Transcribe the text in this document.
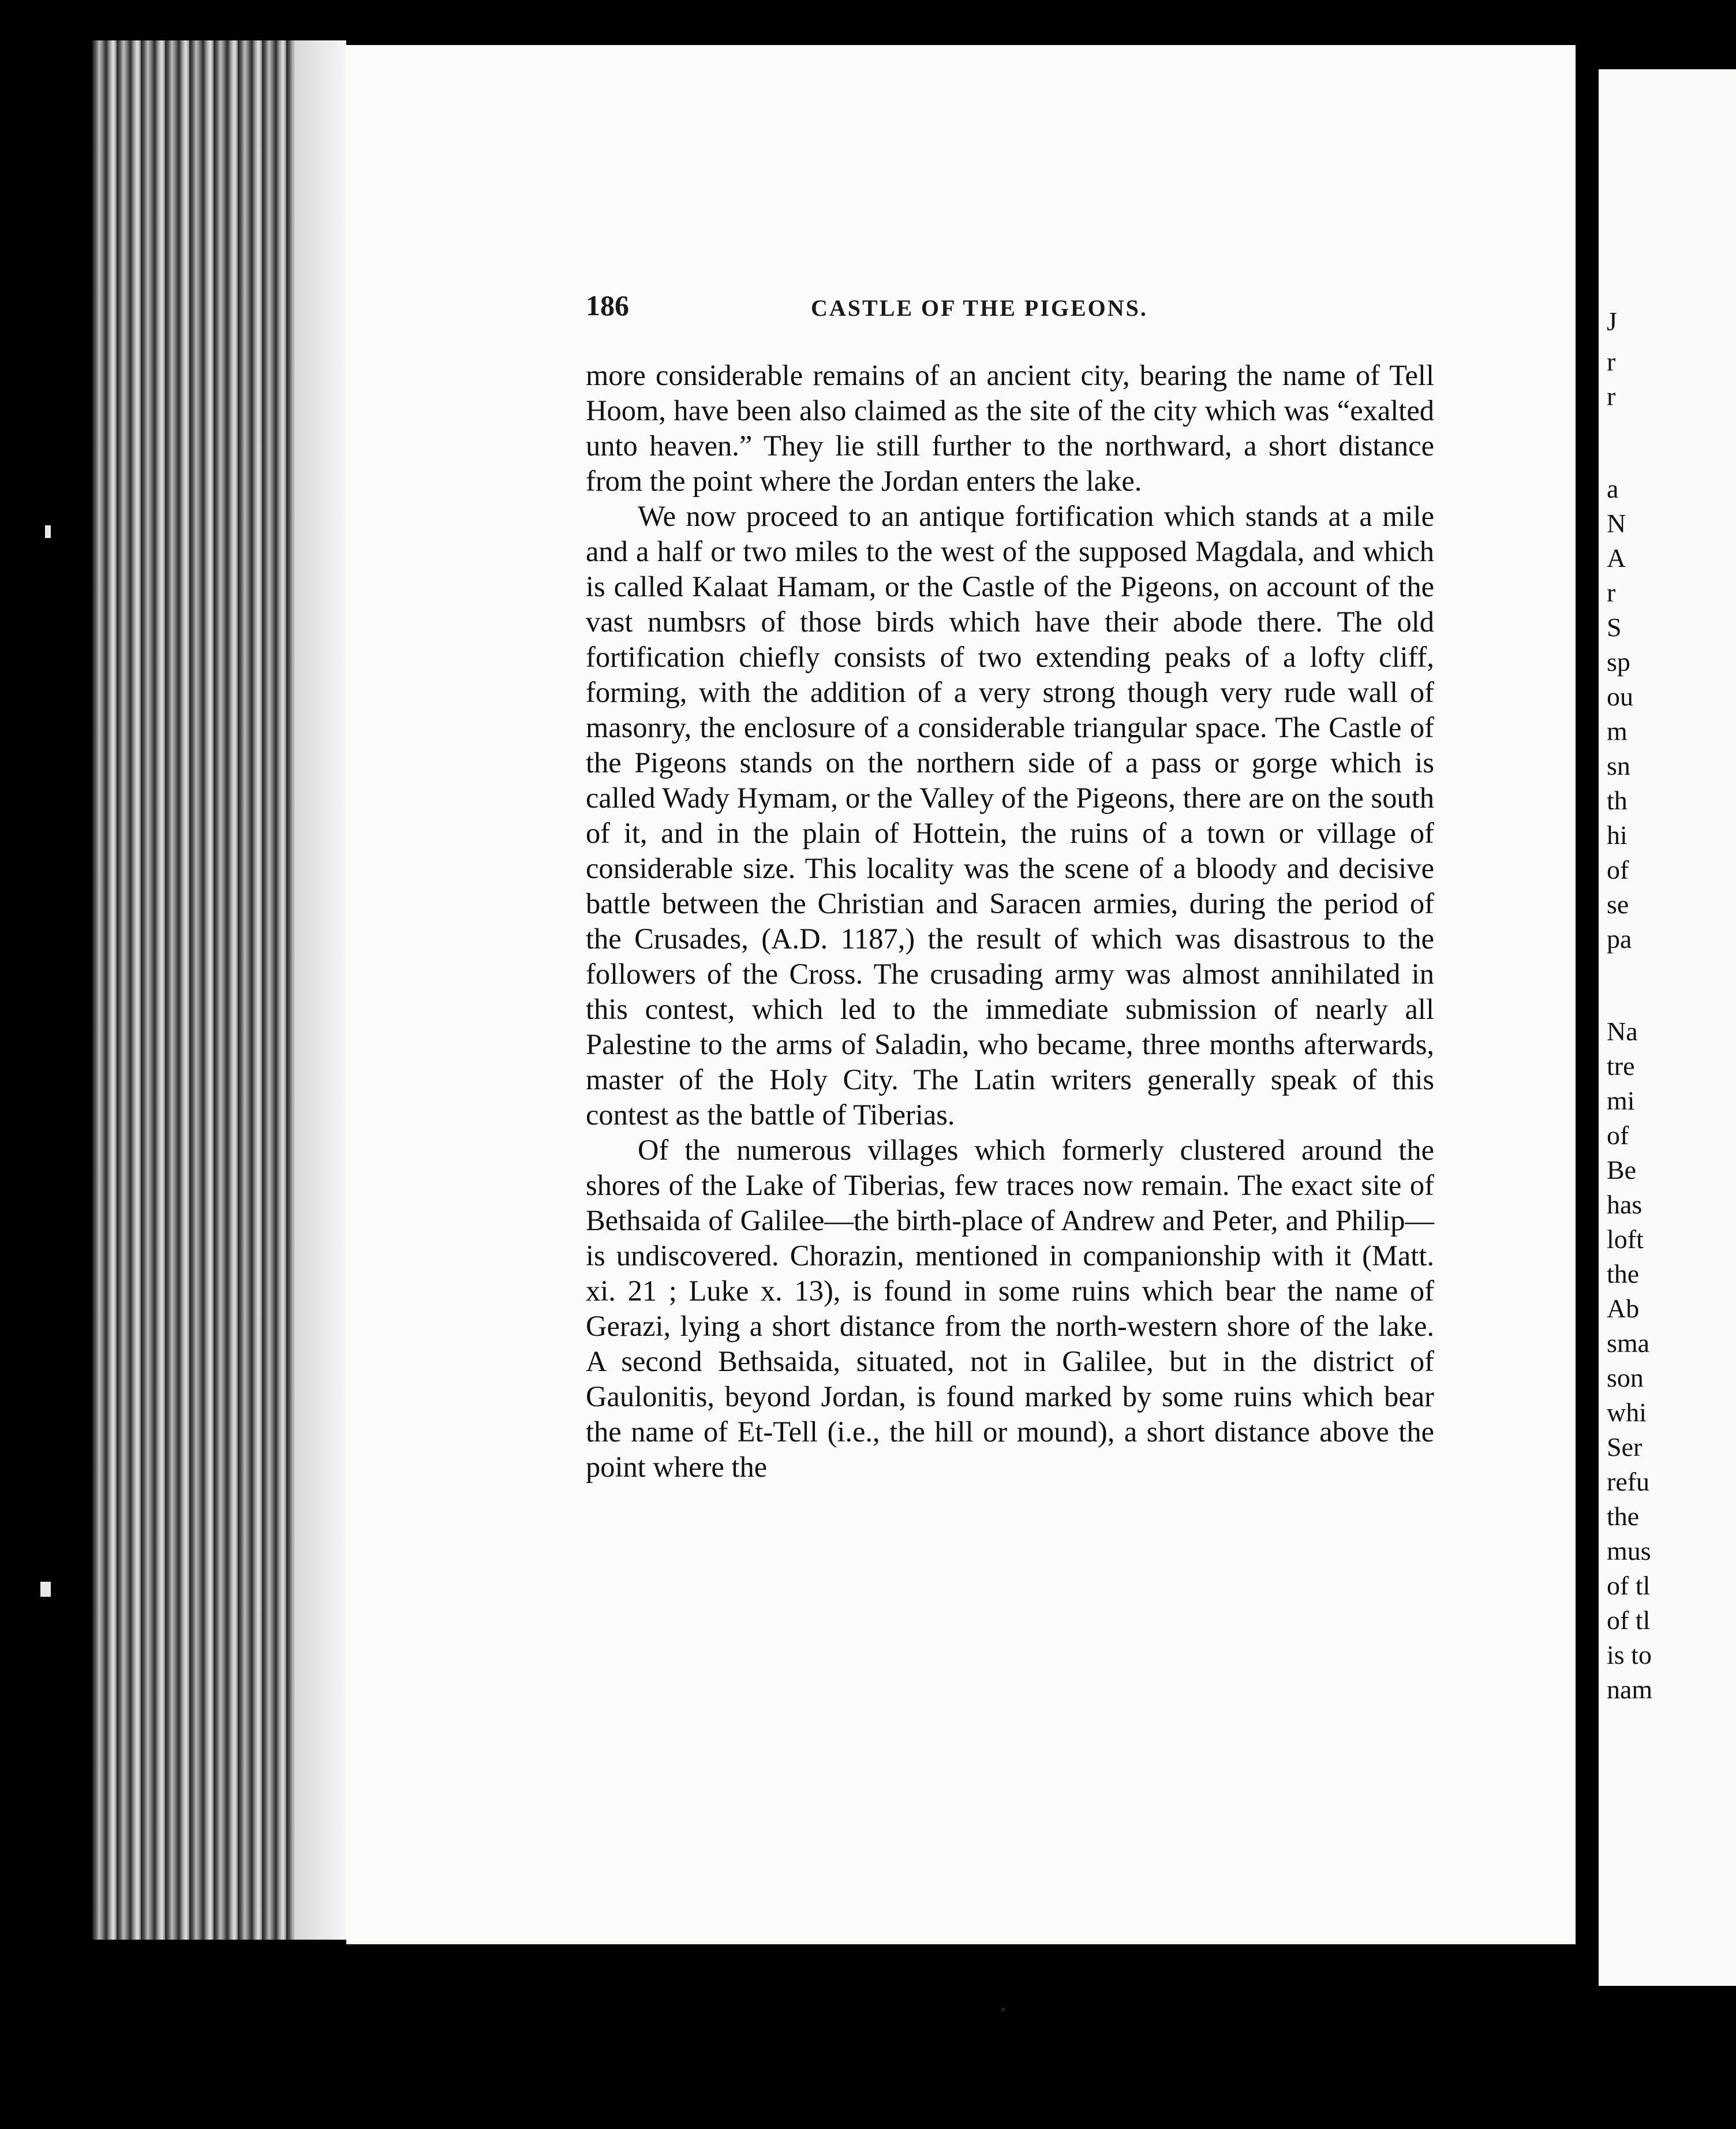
186	CASTLE OF THE PIGEONS.

more considerable remains of an ancient city, bearing the name of Tell Hoom, have been also claimed as the site of the city which was “exalted unto heaven.” They lie still further to the northward, a short distance from the point where the Jordan enters the lake.

We now proceed to an antique fortification which stands at a mile and a half or two miles to the west of the supposed Magdala, and which is called Kalaat Hamam, or the Castle of the Pigeons, on account of the vast numbsrs of those birds which have their abode there. The old fortification chiefly consists of two extending peaks of a lofty cliff, forming, with the addition of a very strong though very rude wall of masonry, the enclosure of a considerable triangular space. The Castle of the Pigeons stands on the northern side of a pass or gorge which is called Wady Hymam, or the Valley of the Pigeons, there are on the south of it, and in the plain of Hottein, the ruins of a town or village of considerable size. This locality was the scene of a bloody and decisive battle between the Christian and Saracen armies, during the period of the Crusades, (A.D. 1187,) the result of which was disastrous to the followers of the Cross. The crusading army was almost annihilated in this contest, which led to the immediate submission of nearly all Palestine to the arms of Saladin, who became, three months afterwards, master of the Holy City. The Latin writers generally speak of this contest as the battle of Tiberias.

Of the numerous villages which formerly clustered around the shores of the Lake of Tiberias, few traces now remain. The exact site of Bethsaida of Galilee—the birth-place of Andrew and Peter, and Philip—is undiscovered. Chorazin, mentioned in companionship with it (Matt. xi. 21 ; Luke x. 13), is found in some ruins which bear the name of Gerazi, lying a short distance from the north-western shore of the lake. A second Bethsaida, situated, not in Galilee, but in the district of Gaulonitis, beyond Jordan, is found marked by some ruins which bear the name of Et-Tell (i.e., the hill or mound), a short distance above the point where the

J
r
r
a
N
A
r
S
sp
ou
m
sn
th
hi
of
se
pa
Na
tre
mi
of
Be
has
loft
the
Ab
sma
son
whi
Ser
refu
the
mus
of tl
of tl
is to
nam
